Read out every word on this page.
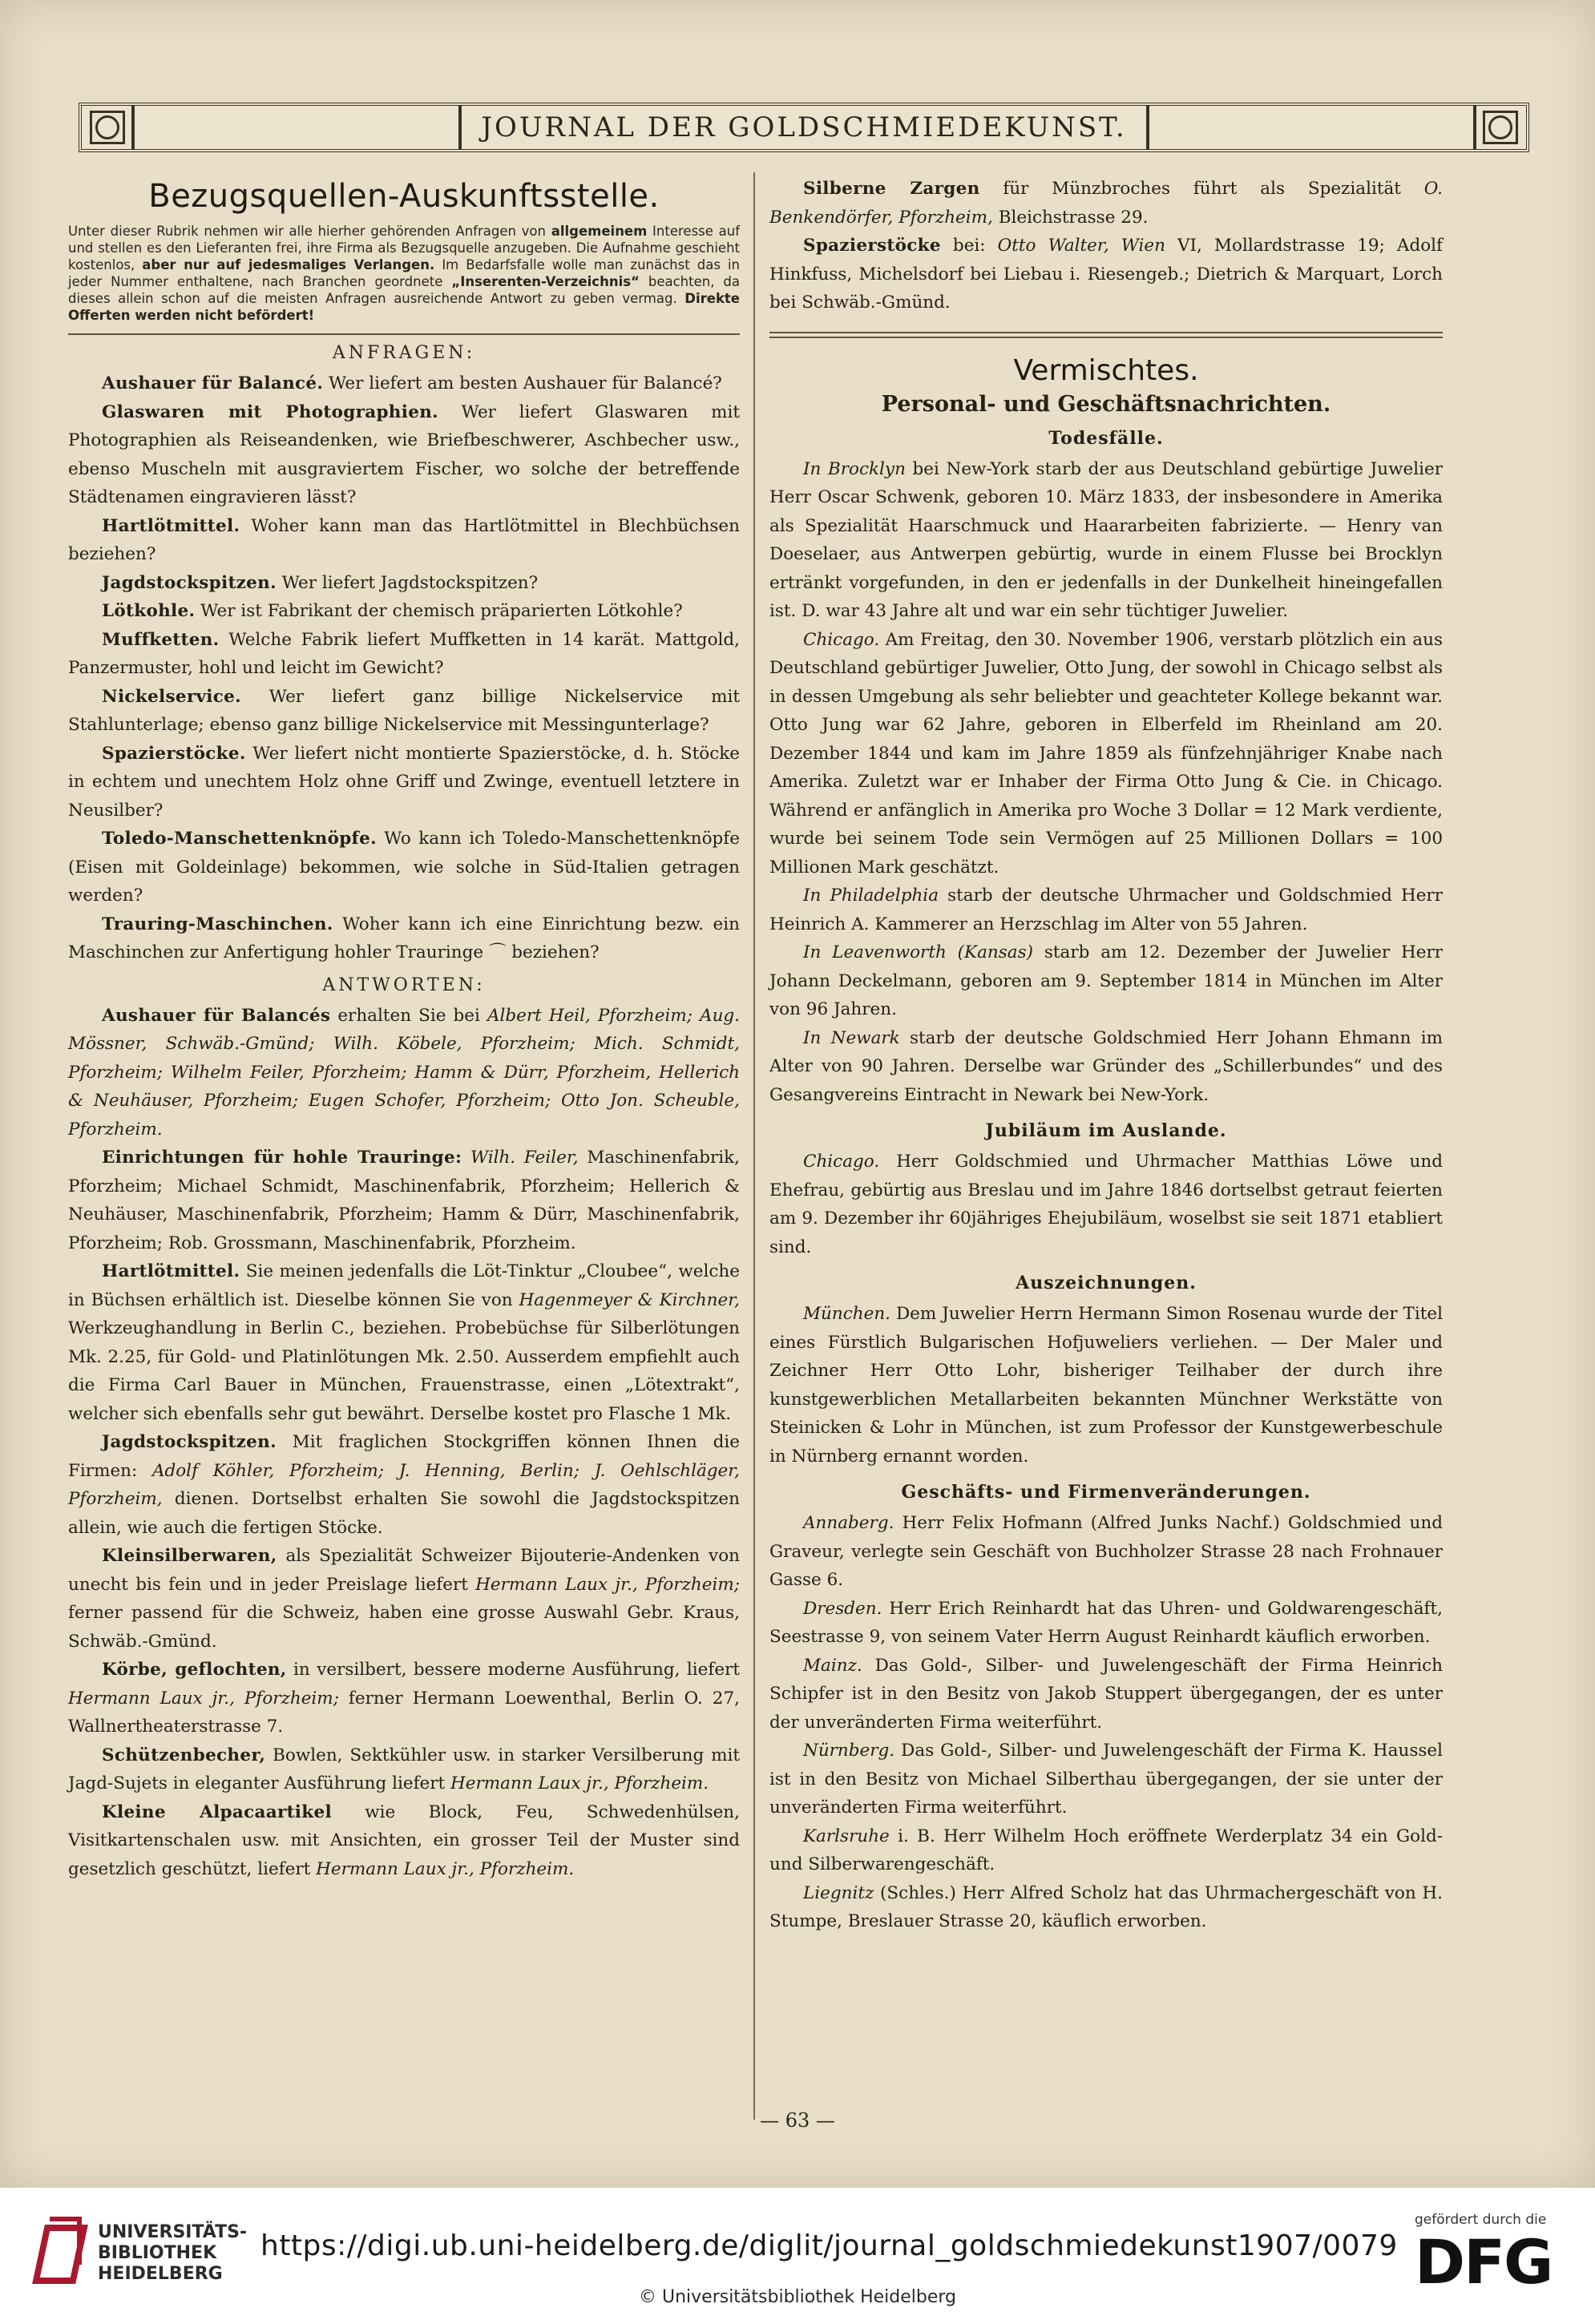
JOURNAL DER GOLDSCHMIEDEKUNST.
Bezugsquellen-Auskunftsstelle.

Unter dieser Rubrik nehmen wir alle hierher gehörenden Anfragen von allgemeinem Interesse auf und stellen es den Lieferanten frei, ihre Firma als Bezugsquelle anzugeben. Die Aufnahme geschieht kostenlos, aber nur auf jedesmaliges Verlangen. Im Bedarfsfalle wolle man zunächst das in jeder Nummer enthaltene, nach Branchen geordnete „Inserenten-Verzeichnis“ beachten, da dieses allein schon auf die meisten Anfragen ausreichende Antwort zu geben vermag. Direkte Offerten werden nicht befördert!

ANFRAGEN:

Aushauer für Balancé. Wer liefert am besten Aushauer für Balancé?

Glaswaren mit Photographien. Wer liefert Glaswaren mit Photographien als Reiseandenken, wie Briefbeschwerer, Aschbecher usw., ebenso Muscheln mit ausgraviertem Fischer, wo solche der betreffende Städtenamen eingravieren lässt?

Hartlötmittel. Woher kann man das Hartlötmittel in Blechbüchsen beziehen?

Jagdstockspitzen. Wer liefert Jagdstockspitzen?

Lötkohle. Wer ist Fabrikant der chemisch präparierten Lötkohle?

Muffketten. Welche Fabrik liefert Muffketten in 14 karät. Mattgold, Panzermuster, hohl und leicht im Gewicht?

Nickelservice. Wer liefert ganz billige Nickelservice mit Stahlunterlage; ebenso ganz billige Nickelservice mit Messingunterlage?

Spazierstöcke. Wer liefert nicht montierte Spazierstöcke, d. h. Stöcke in echtem und unechtem Holz ohne Griff und Zwinge, eventuell letztere in Neusilber?

Toledo-Manschettenknöpfe. Wo kann ich Toledo-Manschettenknöpfe (Eisen mit Goldeinlage) bekommen, wie solche in Süd-Italien getragen werden?

Trauring-Maschinchen. Woher kann ich eine Einrichtung bezw. ein Maschinchen zur Anfertigung hohler Trauringe ⌒ beziehen?

ANTWORTEN:

Aushauer für Balancés erhalten Sie bei Albert Heil, Pforzheim; Aug. Mössner, Schwäb.-Gmünd; Wilh. Köbele, Pforzheim; Mich. Schmidt, Pforzheim; Wilhelm Feiler, Pforzheim; Hamm & Dürr, Pforzheim, Hellerich & Neuhäuser, Pforzheim; Eugen Schofer, Pforzheim; Otto Jon. Scheuble, Pforzheim.

Einrichtungen für hohle Trauringe: Wilh. Feiler, Maschinenfabrik, Pforzheim; Michael Schmidt, Maschinenfabrik, Pforzheim; Hellerich & Neuhäuser, Maschinenfabrik, Pforzheim; Hamm & Dürr, Maschinenfabrik, Pforzheim; Rob. Grossmann, Maschinenfabrik, Pforzheim.

Hartlötmittel. Sie meinen jedenfalls die Löt-Tinktur „Cloubee“, welche in Büchsen erhältlich ist. Dieselbe können Sie von Hagenmeyer & Kirchner, Werkzeughandlung in Berlin C., beziehen. Probebüchse für Silberlötungen Mk. 2.25, für Gold- und Platinlötungen Mk. 2.50. Ausserdem empfiehlt auch die Firma Carl Bauer in München, Frauenstrasse, einen „Lötextrakt“, welcher sich ebenfalls sehr gut bewährt. Derselbe kostet pro Flasche 1 Mk.

Jagdstockspitzen. Mit fraglichen Stockgriffen können Ihnen die Firmen: Adolf Köhler, Pforzheim; J. Henning, Berlin; J. Oehlschläger, Pforzheim, dienen. Dortselbst erhalten Sie sowohl die Jagdstockspitzen allein, wie auch die fertigen Stöcke.

Kleinsilberwaren, als Spezialität Schweizer Bijouterie-Andenken von unecht bis fein und in jeder Preislage liefert Hermann Laux jr., Pforzheim; ferner passend für die Schweiz, haben eine grosse Auswahl Gebr. Kraus, Schwäb.-Gmünd.

Körbe, geflochten, in versilbert, bessere moderne Ausführung, liefert Hermann Laux jr., Pforzheim; ferner Hermann Loewenthal, Berlin O. 27, Wallnertheaterstrasse 7.

Schützenbecher, Bowlen, Sektkühler usw. in starker Versilberung mit Jagd-Sujets in eleganter Ausführung liefert Hermann Laux jr., Pforzheim.

Kleine Alpacaartikel wie Block, Feu, Schwedenhülsen, Visitkartenschalen usw. mit Ansichten, ein grosser Teil der Muster sind gesetzlich geschützt, liefert Hermann Laux jr., Pforzheim.

Silberne Zargen für Münzbroches führt als Spezialität O. Benkendörfer, Pforzheim, Bleichstrasse 29.

Spazierstöcke bei: Otto Walter, Wien VI, Mollardstrasse 19; Adolf Hinkfuss, Michelsdorf bei Liebau i. Riesengeb.; Dietrich & Marquart, Lorch bei Schwäb.-Gmünd.

Vermischtes.
Personal- und Geschäftsnachrichten.
Todesfälle.

In Brocklyn bei New-York starb der aus Deutschland gebürtige Juwelier Herr Oscar Schwenk, geboren 10. März 1833, der insbesondere in Amerika als Spezialität Haarschmuck und Haararbeiten fabrizierte. — Henry van Doeselaer, aus Antwerpen gebürtig, wurde in einem Flusse bei Brocklyn ertränkt vorgefunden, in den er jedenfalls in der Dunkelheit hineingefallen ist. D. war 43 Jahre alt und war ein sehr tüchtiger Juwelier.

Chicago. Am Freitag, den 30. November 1906, verstarb plötzlich ein aus Deutschland gebürtiger Juwelier, Otto Jung, der sowohl in Chicago selbst als in dessen Umgebung als sehr beliebter und geachteter Kollege bekannt war. Otto Jung war 62 Jahre, geboren in Elberfeld im Rheinland am 20. Dezember 1844 und kam im Jahre 1859 als fünfzehnjähriger Knabe nach Amerika. Zuletzt war er Inhaber der Firma Otto Jung & Cie. in Chicago. Während er anfänglich in Amerika pro Woche 3 Dollar = 12 Mark verdiente, wurde bei seinem Tode sein Vermögen auf 25 Millionen Dollars = 100 Millionen Mark geschätzt.

In Philadelphia starb der deutsche Uhrmacher und Goldschmied Herr Heinrich A. Kammerer an Herzschlag im Alter von 55 Jahren.

In Leavenworth (Kansas) starb am 12. Dezember der Juwelier Herr Johann Deckelmann, geboren am 9. September 1814 in München im Alter von 96 Jahren.

In Newark starb der deutsche Goldschmied Herr Johann Ehmann im Alter von 90 Jahren. Derselbe war Gründer des „Schillerbundes“ und des Gesangvereins Eintracht in Newark bei New-York.

Jubiläum im Auslande.

Chicago. Herr Goldschmied und Uhrmacher Matthias Löwe und Ehefrau, gebürtig aus Breslau und im Jahre 1846 dortselbst getraut feierten am 9. Dezember ihr 60jähriges Ehejubiläum, woselbst sie seit 1871 etabliert sind.

Auszeichnungen.

München. Dem Juwelier Herrn Hermann Simon Rosenau wurde der Titel eines Fürstlich Bulgarischen Hofjuweliers verliehen. — Der Maler und Zeichner Herr Otto Lohr, bisheriger Teilhaber der durch ihre kunstgewerblichen Metallarbeiten bekannten Münchner Werkstätte von Steinicken & Lohr in München, ist zum Professor der Kunstgewerbeschule in Nürnberg ernannt worden.

Geschäfts- und Firmenveränderungen.

Annaberg. Herr Felix Hofmann (Alfred Junks Nachf.) Goldschmied und Graveur, verlegte sein Geschäft von Buchholzer Strasse 28 nach Frohnauer Gasse 6.

Dresden. Herr Erich Reinhardt hat das Uhren- und Goldwarengeschäft, Seestrasse 9, von seinem Vater Herrn August Reinhardt käuflich erworben.

Mainz. Das Gold-, Silber- und Juwelengeschäft der Firma Heinrich Schipfer ist in den Besitz von Jakob Stuppert übergegangen, der es unter der unveränderten Firma weiterführt.

Nürnberg. Das Gold-, Silber- und Juwelengeschäft der Firma K. Haussel ist in den Besitz von Michael Silberthau übergegangen, der sie unter der unveränderten Firma weiterführt.

Karlsruhe i. B. Herr Wilhelm Hoch eröffnete Werderplatz 34 ein Gold- und Silberwarengeschäft.

Liegnitz (Schles.) Herr Alfred Scholz hat das Uhrmachergeschäft von H. Stumpe, Breslauer Strasse 20, käuflich erworben.

— 63 —
UNIVERSITÄTS-
BIBLIOTHEK
HEIDELBERG
https://digi.ub.uni-heidelberg.de/diglit/journal_goldschmiedekunst1907/0079
© Universitätsbibliothek Heidelberg
gefördert durch die
DFG
